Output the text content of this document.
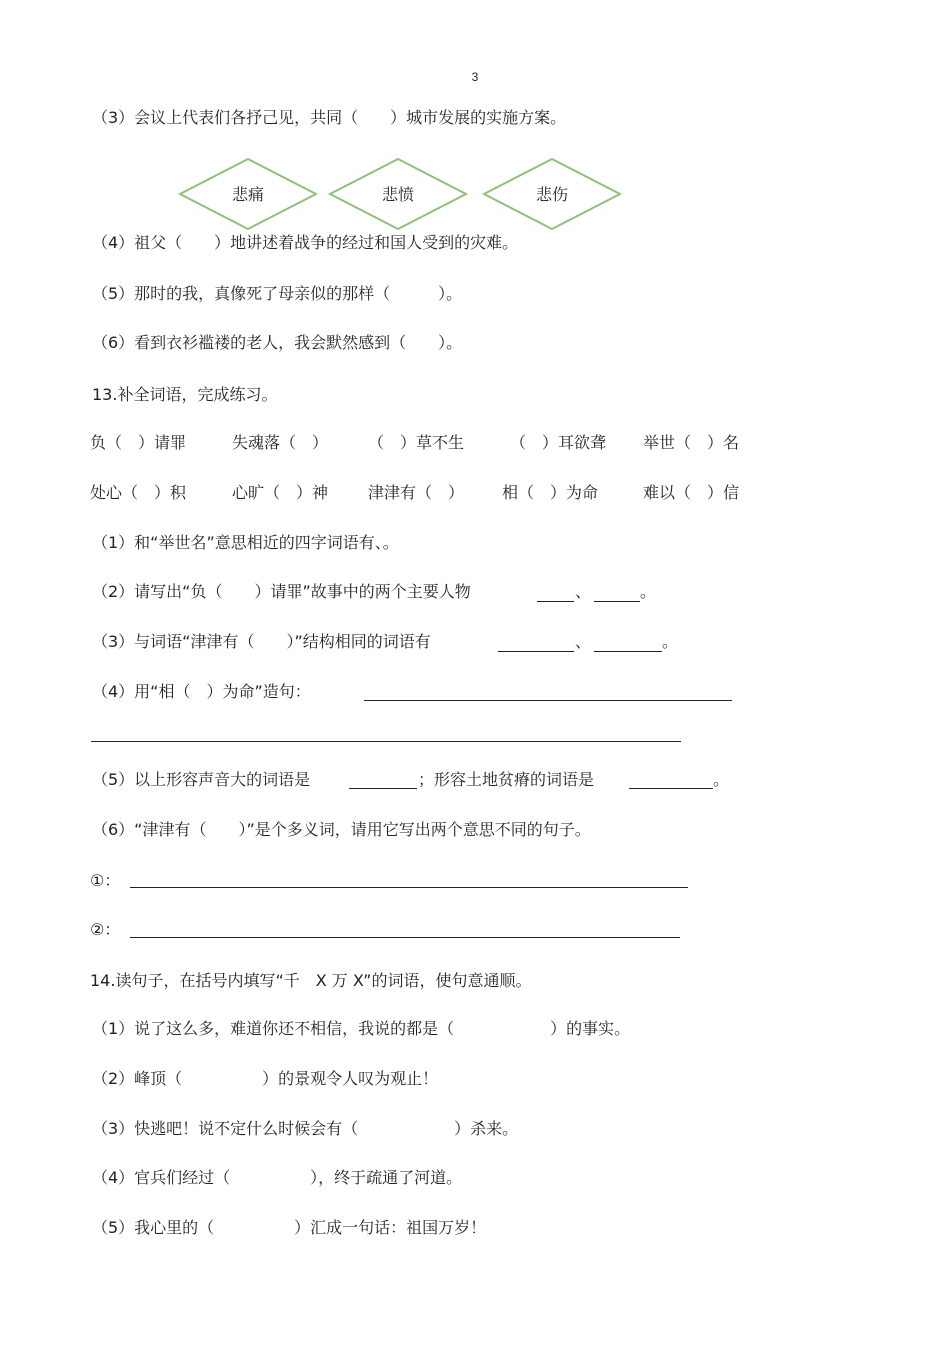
3
（3）会议上代表们各抒己见，共同（　　）城市发展的实施方案。
悲痛	悲愤	悲伤
（4）祖父（　　）地讲述着战争的经过和国人受到的灾难。
（5）那时的我，真像死了母亲似的那样（　　　）。
（6）看到衣衫褴褛的老人，我会默然感到（　　）。
13.补全词语，完成练习。
负（　）请罪	失魂落（　） （　）草不生	（　）耳欲聋 举世（　）名
处心（　）积	心旷（　）神 津津有（　） 相（　）为命	难以（　）信
（1）和“举世名”意思相近的四字词语有、。
（2）请写出“负（　　）请罪”故事中的两个主要人物	、	。
（3）与词语“津津有（　　）”结构相同的词语有	、	。
（4）用“相（　）为命”造句：
（5）以上形容声音大的词语是	；形容土地贫瘠的词语是	。
（6）“津津有（　　）”是个多义词，请用它写出两个意思不同的句子。
①：
②：
14.读句子，在括号内填写“千　X 万 X”的词语，使句意通顺。
（1）说了这么多，难道你还不相信，我说的都是（　　　　　　）的事实。
（2）峰顶（　　　　　）的景观令人叹为观止！
（3）快逃吧！说不定什么时候会有（　　　　　　）杀来。
（4）官兵们经过（　　　　　），终于疏通了河道。
（5）我心里的（　　　　　）汇成一句话：祖国万岁！
